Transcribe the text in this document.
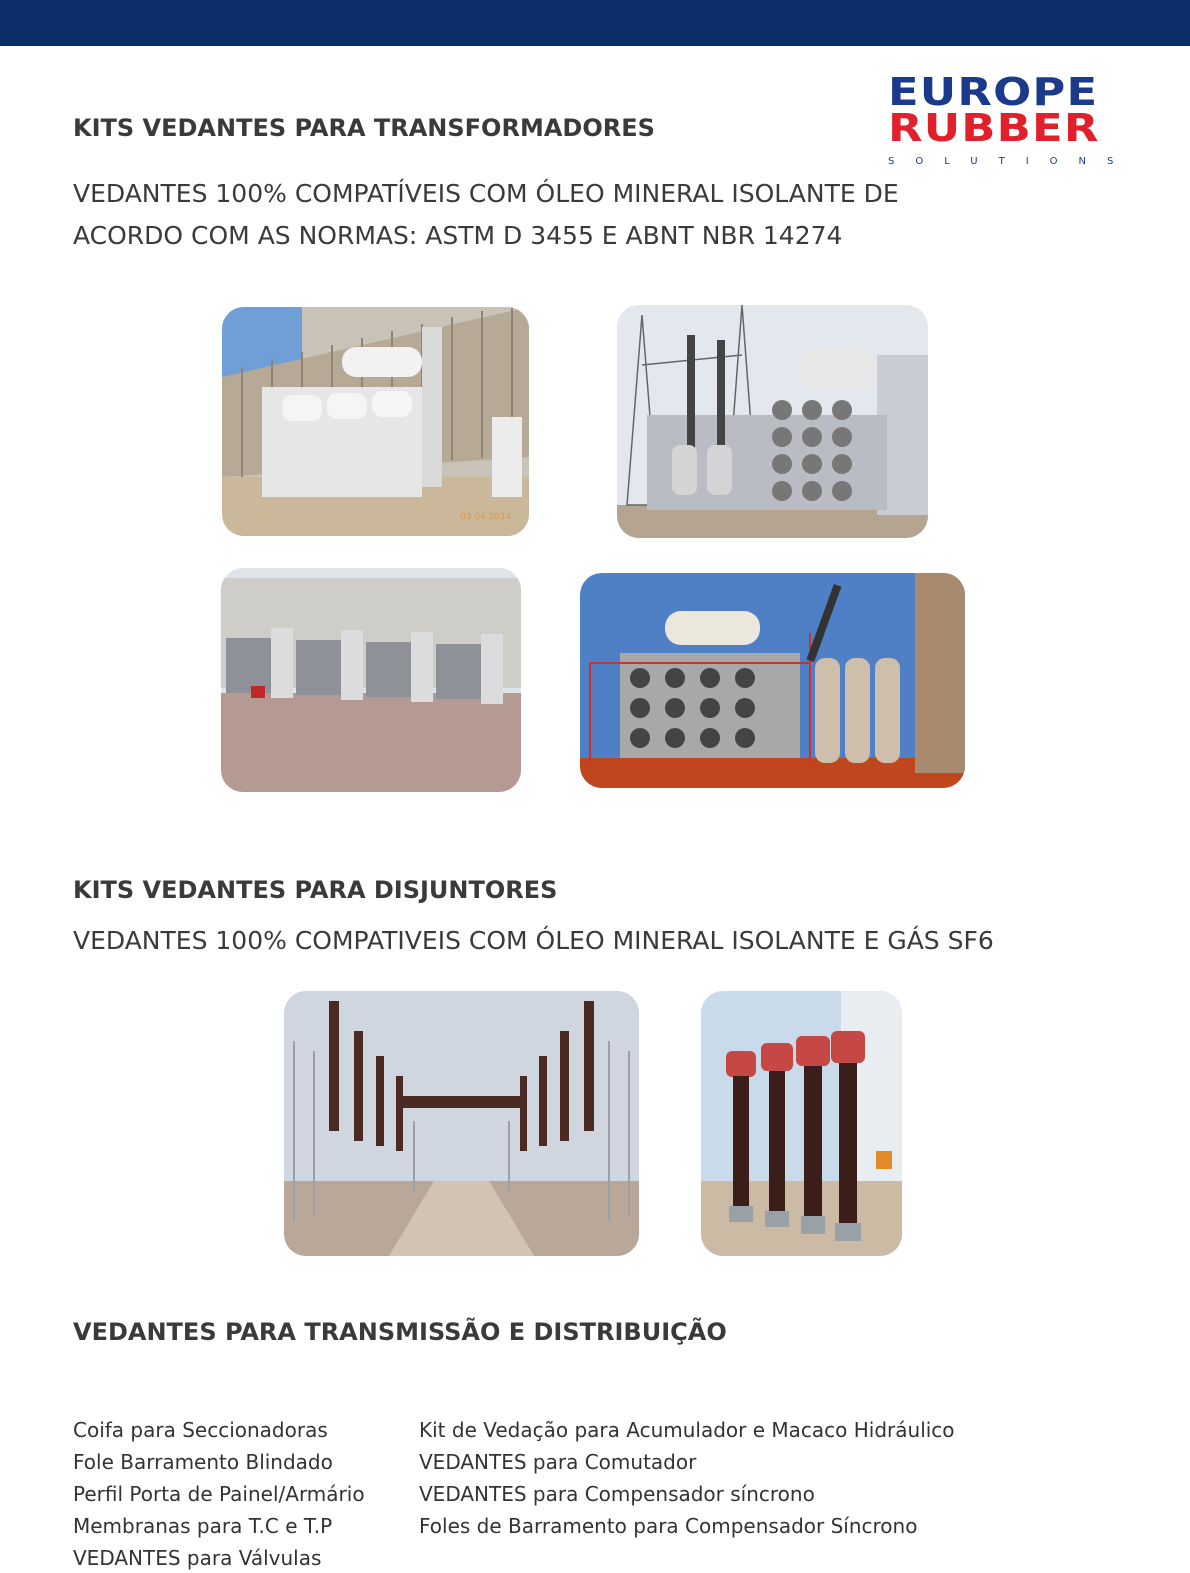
EUROPE
RUBBER
SOLUTIONS
KITS VEDANTES PARA TRANSFORMADORES
VEDANTES 100% COMPATÍVEIS COM ÓLEO MINERAL ISOLANTE DE
ACORDO COM AS NORMAS: ASTM D 3455 E ABNT NBR 14274
03 04 2014
KITS VEDANTES PARA DISJUNTORES
VEDANTES 100% COMPATIVEIS COM ÓLEO MINERAL ISOLANTE E GÁS SF6
VEDANTES PARA TRANSMISSÃO E DISTRIBUIÇÃO
Coifa para Seccionadoras
Fole Barramento Blindado
Perfil Porta de Painel/Armário
Membranas para T.C e T.P
VEDANTES para Válvulas
Kit de Vedação para Acumulador e Macaco Hidráulico
VEDANTES para Comutador
VEDANTES para Compensador síncrono
Foles de Barramento para Compensador Síncrono
